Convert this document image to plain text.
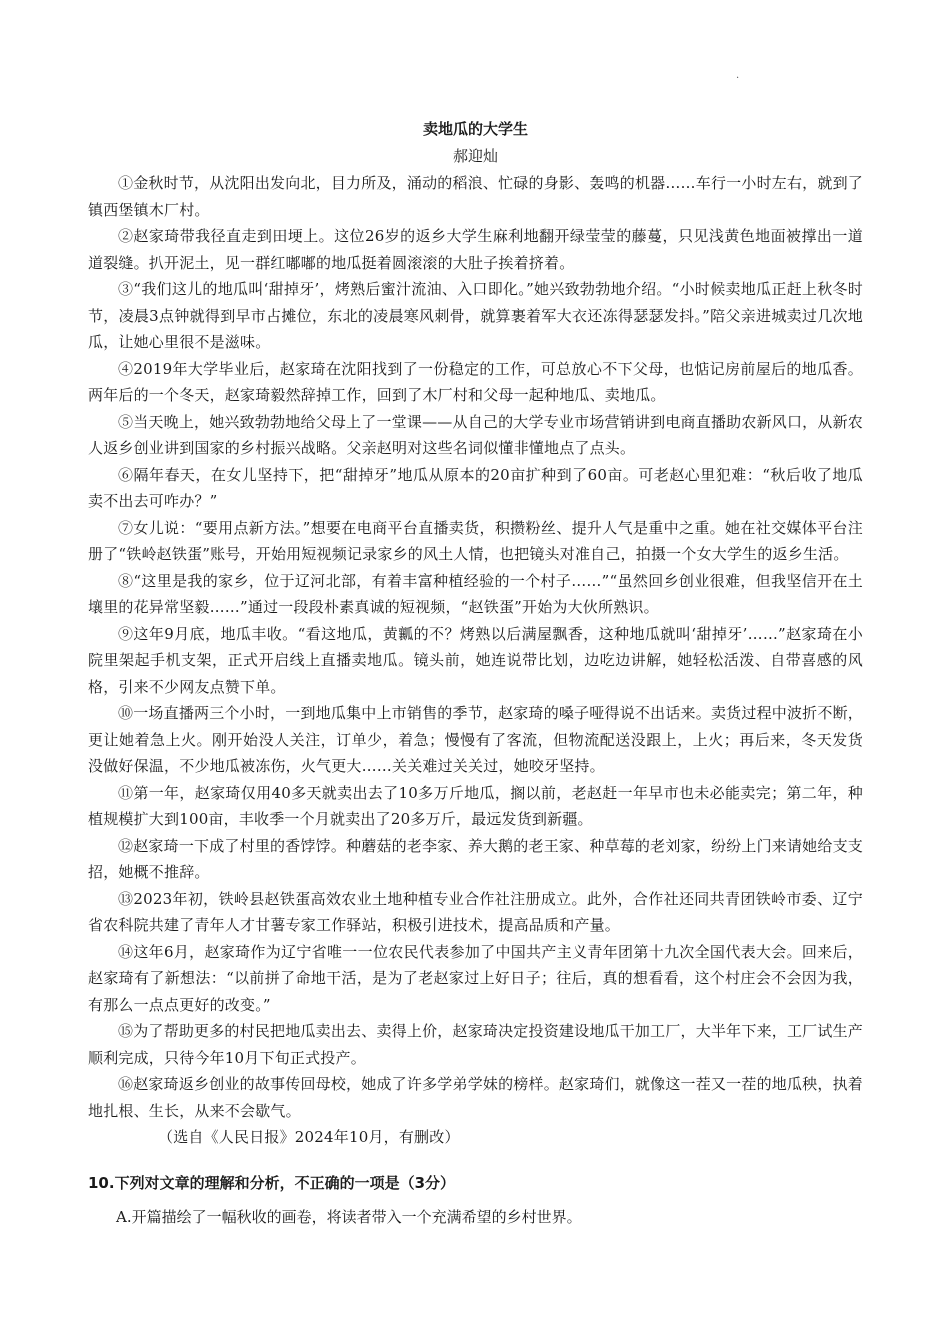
.
卖地瓜的大学生
郝迎灿

①金秋时节，从沈阳出发向北，目力所及，涌动的稻浪、忙碌的身影、轰鸣的机器……车行一小时左右，就到了镇西堡镇木厂村。

②赵家琦带我径直走到田埂上。这位26岁的返乡大学生麻利地翻开绿莹莹的藤蔓，只见浅黄色地面被撑出一道道裂缝。扒开泥土，见一群红嘟嘟的地瓜挺着圆滚滚的大肚子挨着挤着。

③“我们这儿的地瓜叫‘甜掉牙’，烤熟后蜜汁流油、入口即化。”她兴致勃勃地介绍。“小时候卖地瓜正赶上秋冬时节，凌晨3点钟就得到早市占摊位，东北的凌晨寒风刺骨，就算裹着军大衣还冻得瑟瑟发抖。”陪父亲进城卖过几次地瓜，让她心里很不是滋味。

④2019年大学毕业后，赵家琦在沈阳找到了一份稳定的工作，可总放心不下父母，也惦记房前屋后的地瓜香。两年后的一个冬天，赵家琦毅然辞掉工作，回到了木厂村和父母一起种地瓜、卖地瓜。

⑤当天晚上，她兴致勃勃地给父母上了一堂课——从自己的大学专业市场营销讲到电商直播助农新风口，从新农人返乡创业讲到国家的乡村振兴战略。父亲赵明对这些名词似懂非懂地点了点头。

⑥隔年春天，在女儿坚持下，把“甜掉牙”地瓜从原本的20亩扩种到了60亩。可老赵心里犯难：“秋后收了地瓜卖不出去可咋办？”

⑦女儿说：“要用点新方法。”想要在电商平台直播卖货，积攒粉丝、提升人气是重中之重。她在社交媒体平台注册了“铁岭赵铁蛋”账号，开始用短视频记录家乡的风土人情，也把镜头对准自己，拍摄一个女大学生的返乡生活。

⑧“这里是我的家乡，位于辽河北部，有着丰富种植经验的一个村子……”“虽然回乡创业很难，但我坚信开在土壤里的花异常坚毅……”通过一段段朴素真诚的短视频，“赵铁蛋”开始为大伙所熟识。

⑨这年9月底，地瓜丰收。“看这地瓜，黄瓤的不？烤熟以后满屋飘香，这种地瓜就叫‘甜掉牙’……”赵家琦在小院里架起手机支架，正式开启线上直播卖地瓜。镜头前，她连说带比划，边吃边讲解，她轻松活泼、自带喜感的风格，引来不少网友点赞下单。

⑩一场直播两三个小时，一到地瓜集中上市销售的季节，赵家琦的嗓子哑得说不出话来。卖货过程中波折不断，更让她着急上火。刚开始没人关注，订单少，着急；慢慢有了客流，但物流配送没跟上，上火；再后来，冬天发货没做好保温，不少地瓜被冻伤，火气更大……关关难过关关过，她咬牙坚持。

⑪第一年，赵家琦仅用40多天就卖出去了10多万斤地瓜，搁以前，老赵赶一年早市也未必能卖完；第二年，种植规模扩大到100亩，丰收季一个月就卖出了20多万斤，最远发货到新疆。

⑫赵家琦一下成了村里的香饽饽。种蘑菇的老李家、养大鹅的老王家、种草莓的老刘家，纷纷上门来请她给支支招，她概不推辞。

⑬2023年初，铁岭县赵铁蛋高效农业土地种植专业合作社注册成立。此外，合作社还同共青团铁岭市委、辽宁省农科院共建了青年人才甘薯专家工作驿站，积极引进技术，提高品质和产量。

⑭这年6月，赵家琦作为辽宁省唯一一位农民代表参加了中国共产主义青年团第十九次全国代表大会。回来后，赵家琦有了新想法：“以前拼了命地干活，是为了老赵家过上好日子；往后，真的想看看，这个村庄会不会因为我，有那么一点点更好的改变。”

⑮为了帮助更多的村民把地瓜卖出去、卖得上价，赵家琦决定投资建设地瓜干加工厂，大半年下来，工厂试生产顺利完成，只待今年10月下旬正式投产。

⑯赵家琦返乡创业的故事传回母校，她成了许多学弟学妹的榜样。赵家琦们，就像这一茬又一茬的地瓜秧，执着地扎根、生长，从来不会歇气。

（选自《人民日报》2024年10月，有删改）

10.下列对文章的理解和分析，不正确的一项是（3分）
A.开篇描绘了一幅秋收的画卷，将读者带入一个充满希望的乡村世界。
